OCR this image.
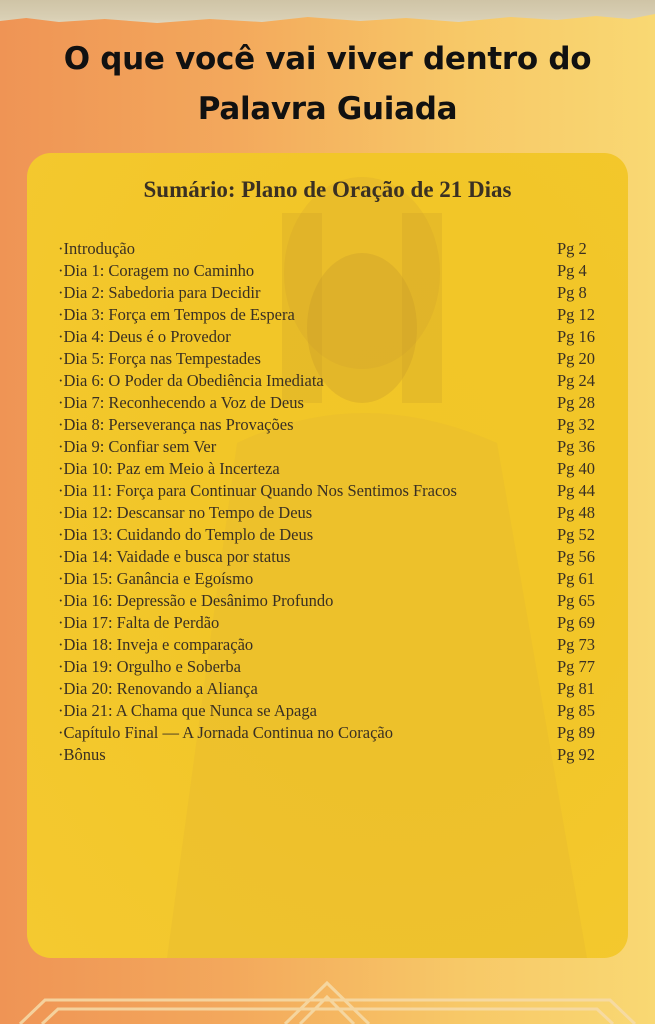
O que você vai viver dentro do
Palavra Guiada
Sumário: Plano de Oração de 21 Dias
·Introdução	Pg 2
·Dia 1: Coragem no Caminho	Pg 4
·Dia 2: Sabedoria para Decidir	Pg 8
·Dia 3: Força em Tempos de Espera	Pg 12
·Dia 4: Deus é o Provedor	Pg 16
·Dia 5: Força nas Tempestades	Pg 20
·Dia 6: O Poder da Obediência Imediata	Pg 24
·Dia 7: Reconhecendo a Voz de Deus	Pg 28
·Dia 8: Perseverança nas Provações	Pg 32
·Dia 9: Confiar sem Ver	Pg 36
·Dia 10: Paz em Meio à Incerteza	Pg 40
·Dia 11: Força para Continuar Quando Nos Sentimos Fracos	Pg 44
·Dia 12: Descansar no Tempo de Deus	Pg 48
·Dia 13: Cuidando do Templo de Deus	Pg 52
·Dia 14: Vaidade e busca por status	Pg 56
·Dia 15: Ganância e Egoísmo	Pg 61
·Dia 16: Depressão e Desânimo Profundo	Pg 65
·Dia 17: Falta de Perdão	Pg 69
·Dia 18: Inveja e comparação	Pg 73
·Dia 19: Orgulho e Soberba	Pg 77
·Dia 20: Renovando a Aliança	Pg 81
·Dia 21: A Chama que Nunca se Apaga	Pg 85
·Capítulo Final — A Jornada Continua no Coração	Pg 89
·Bônus	Pg 92
